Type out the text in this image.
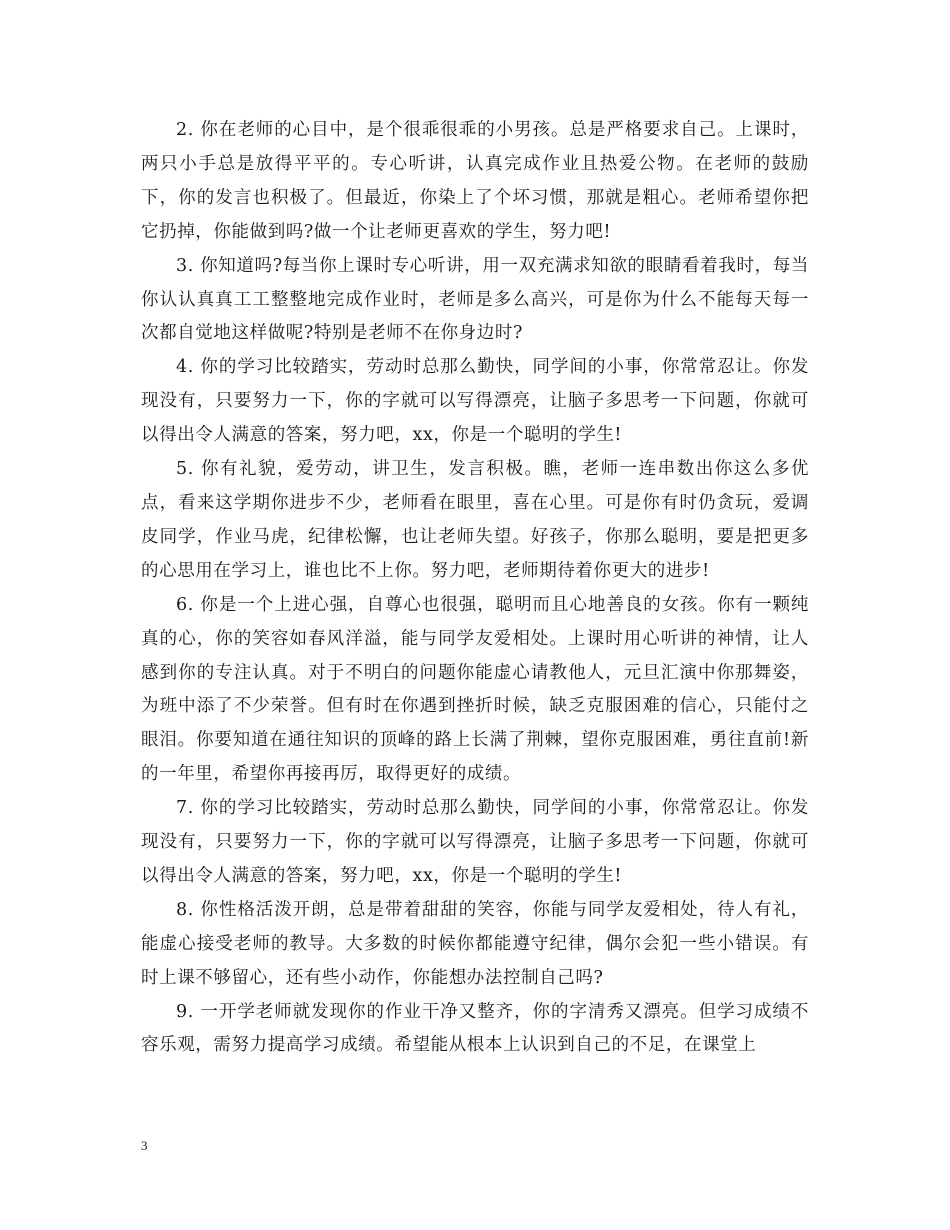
2. 你在老师的心目中，是个很乖很乖的小男孩。总是严格要求自己。上课时，两只小手总是放得平平的。专心听讲，认真完成作业且热爱公物。在老师的鼓励下，你的发言也积极了。但最近，你染上了个坏习惯，那就是粗心。老师希望你把它扔掉，你能做到吗?做一个让老师更喜欢的学生，努力吧!

3. 你知道吗?每当你上课时专心听讲，用一双充满求知欲的眼睛看着我时，每当你认认真真工工整整地完成作业时，老师是多么高兴，可是你为什么不能每天每一次都自觉地这样做呢?特别是老师不在你身边时?

4. 你的学习比较踏实，劳动时总那么勤快，同学间的小事，你常常忍让。你发现没有，只要努力一下，你的字就可以写得漂亮，让脑子多思考一下问题，你就可以得出令人满意的答案，努力吧，xx，你是一个聪明的学生!

5. 你有礼貌，爱劳动，讲卫生，发言积极。瞧，老师一连串数出你这么多优点，看来这学期你进步不少，老师看在眼里，喜在心里。可是你有时仍贪玩，爱调皮同学，作业马虎，纪律松懈，也让老师失望。好孩子，你那么聪明，要是把更多的心思用在学习上，谁也比不上你。努力吧，老师期待着你更大的进步!

6. 你是一个上进心强，自尊心也很强，聪明而且心地善良的女孩。你有一颗纯真的心，你的笑容如春风洋溢，能与同学友爱相处。上课时用心听讲的神情，让人感到你的专注认真。对于不明白的问题你能虚心请教他人，元旦汇演中你那舞姿，为班中添了不少荣誉。但有时在你遇到挫折时候，缺乏克服困难的信心，只能付之眼泪。你要知道在通往知识的顶峰的路上长满了荆棘，望你克服困难，勇往直前!新的一年里，希望你再接再厉，取得更好的成绩。

7. 你的学习比较踏实，劳动时总那么勤快，同学间的小事，你常常忍让。你发现没有，只要努力一下，你的字就可以写得漂亮，让脑子多思考一下问题，你就可以得出令人满意的答案，努力吧，xx，你是一个聪明的学生!

8. 你性格活泼开朗，总是带着甜甜的笑容，你能与同学友爱相处，待人有礼，能虚心接受老师的教导。大多数的时候你都能遵守纪律，偶尔会犯一些小错误。有时上课不够留心，还有些小动作，你能想办法控制自己吗?

9. 一开学老师就发现你的作业干净又整齐，你的字清秀又漂亮。但学习成绩不容乐观，需努力提高学习成绩。希望能从根本上认识到自己的不足，在课堂上

3
